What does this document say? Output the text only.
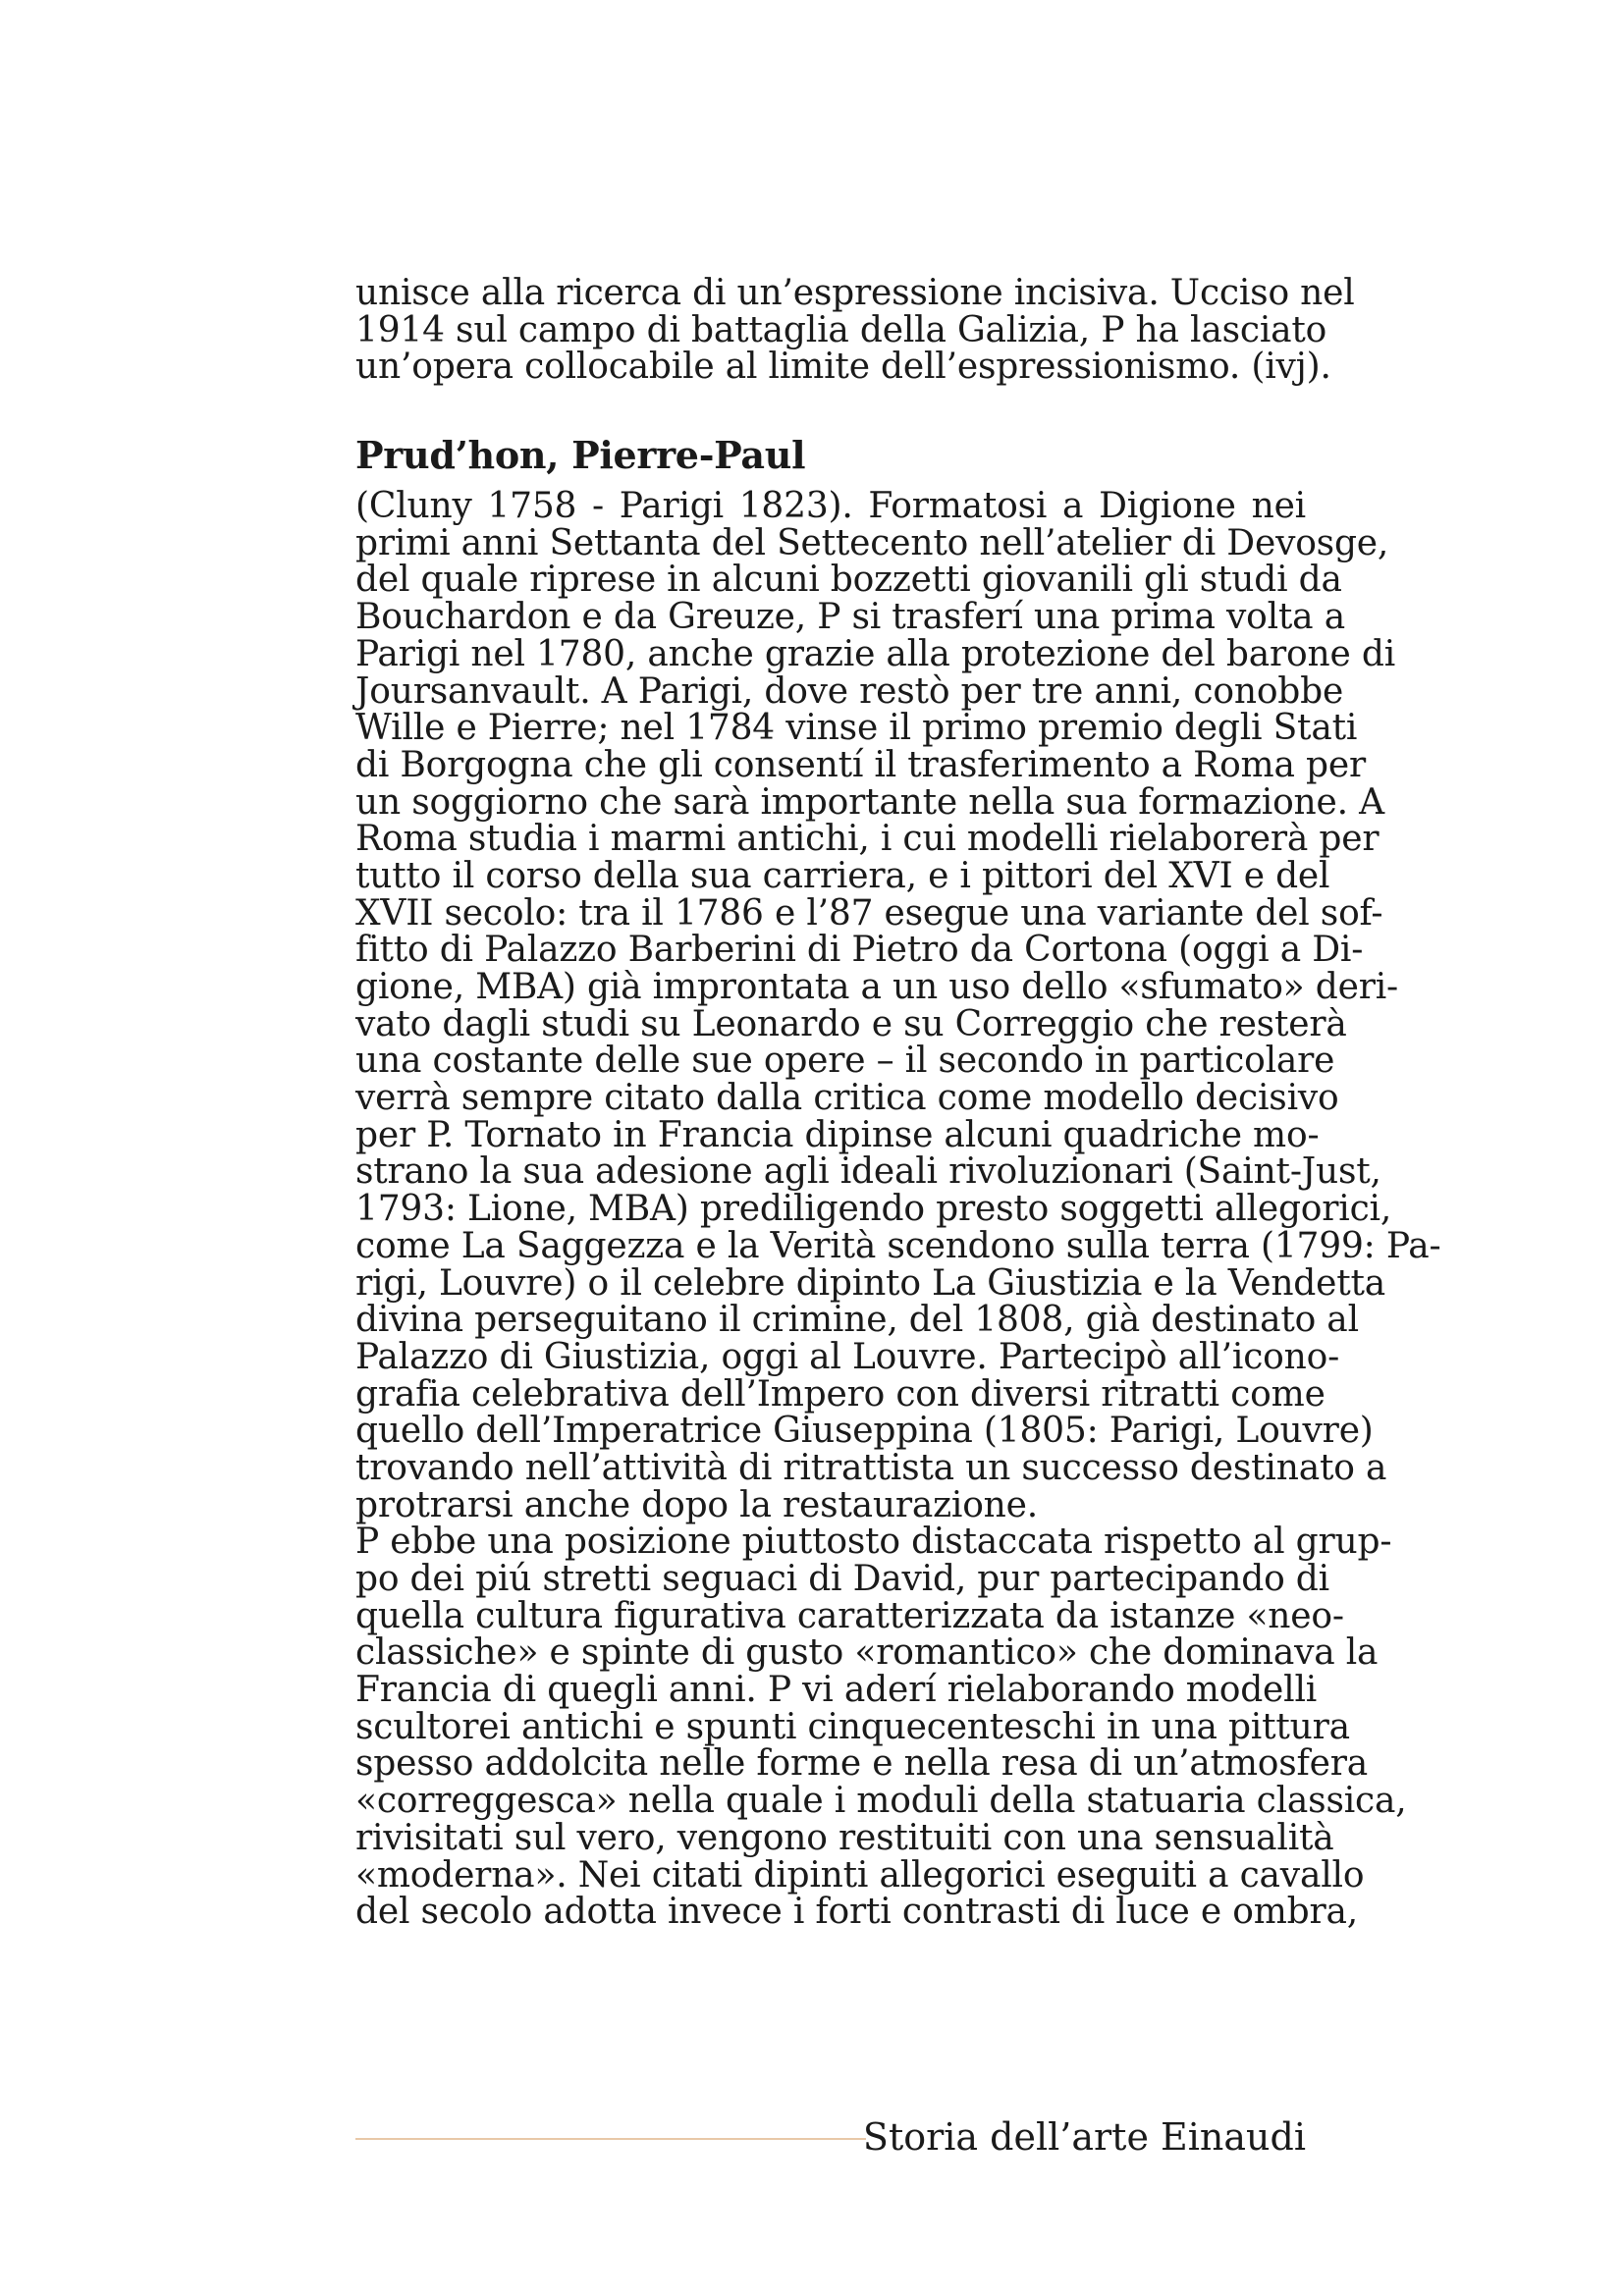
unisce alla ricerca di un’espressione incisiva. Ucciso nel
1914 sul campo di battaglia della Galizia, P ha lasciato
un’opera collocabile al limite dell’espressionismo. (ivj).
Prud’hon, Pierre-Paul
(Cluny 1758 - Parigi 1823). Formatosi a Digione nei
primi anni Settanta del Settecento nell’atelier di Devosge,
del quale riprese in alcuni bozzetti giovanili gli studi da
Bouchardon e da Greuze, P si trasferí una prima volta a
Parigi nel 1780, anche grazie alla protezione del barone di
Joursanvault. A Parigi, dove restò per tre anni, conobbe
Wille e Pierre; nel 1784 vinse il primo premio degli Stati
di Borgogna che gli consentí il trasferimento a Roma per
un soggiorno che sarà importante nella sua formazione. A
Roma studia i marmi antichi, i cui modelli rielaborerà per
tutto il corso della sua carriera, e i pittori del XVI e del
XVII secolo: tra il 1786 e l’87 esegue una variante del sof-
fitto di Palazzo Barberini di Pietro da Cortona (oggi a Di-
gione, MBA) già improntata a un uso dello «sfumato» deri-
vato dagli studi su Leonardo e su Correggio che resterà
una costante delle sue opere – il secondo in particolare
verrà sempre citato dalla critica come modello decisivo
per P. Tornato in Francia dipinse alcuni quadriche mo-
strano la sua adesione agli ideali rivoluzionari (Saint-Just,
1793: Lione, MBA) prediligendo presto soggetti allegorici,
come La Saggezza e la Verità scendono sulla terra (1799: Pa-
rigi, Louvre) o il celebre dipinto La Giustizia e la Vendetta
divina perseguitano il crimine, del 1808, già destinato al
Palazzo di Giustizia, oggi al Louvre. Partecipò all’icono-
grafia celebrativa dell’Impero con diversi ritratti come
quello dell’Imperatrice Giuseppina (1805: Parigi, Louvre)
trovando nell’attività di ritrattista un successo destinato a
protrarsi anche dopo la restaurazione.
P ebbe una posizione piuttosto distaccata rispetto al grup-
po dei piú stretti seguaci di David, pur partecipando di
quella cultura figurativa caratterizzata da istanze «neo-
classiche» e spinte di gusto «romantico» che dominava la
Francia di quegli anni. P vi aderí rielaborando modelli
scultorei antichi e spunti cinquecenteschi in una pittura
spesso addolcita nelle forme e nella resa di un’atmosfera
«correggesca» nella quale i moduli della statuaria classica,
rivisitati sul vero, vengono restituiti con una sensualità
«moderna». Nei citati dipinti allegorici eseguiti a cavallo
del secolo adotta invece i forti contrasti di luce e ombra,
Storia dell’arte Einaudi
